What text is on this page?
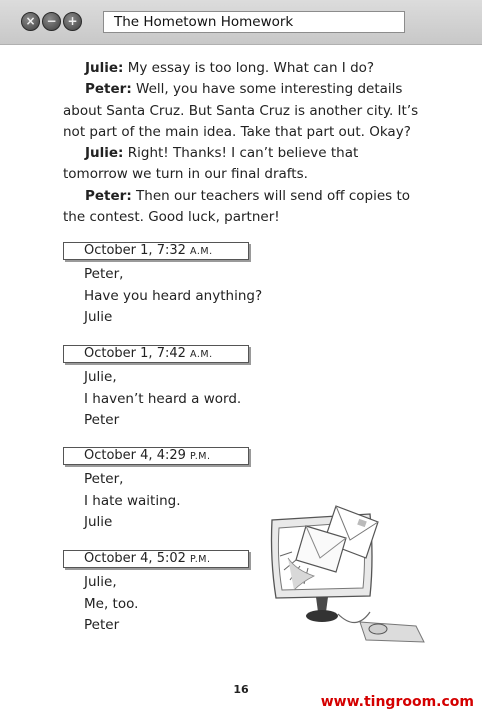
× − +	The Hometown Homework

Julie: My essay is too long. What can I do?

Peter: Well, you have some interesting details about Santa Cruz. But Santa Cruz is another city. It’s not part of the main idea. Take that part out. Okay?

Julie: Right! Thanks! I can’t believe that tomorrow we turn in our final drafts.

Peter: Then our teachers will send off copies to the contest. Good luck, partner!

October 1, 7:32 A.M.
Peter,
Have you heard anything?
Julie
October 1, 7:42 A.M.
Julie,
I haven’t heard a word.
Peter
October 4, 4:29 P.M.
Peter,
I hate waiting.
Julie
October 4, 5:02 P.M.
Julie,
Me, too.
Peter
16
www.tingroom.com
